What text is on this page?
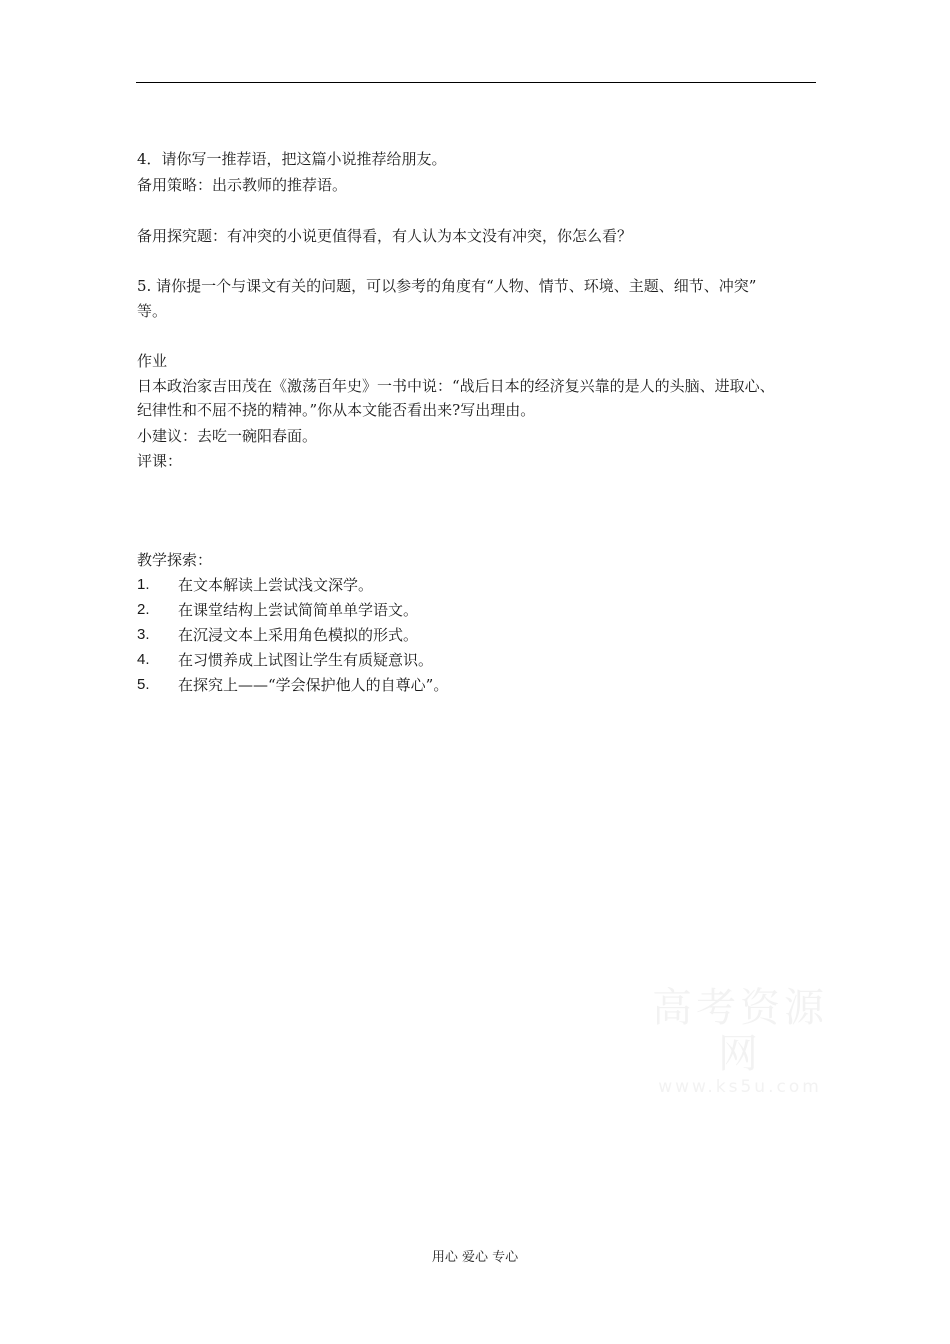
4．请你写一推荐语，把这篇小说推荐给朋友。

备用策略：出示教师的推荐语。

备用探究题：有冲突的小说更值得看，有人认为本文没有冲突，你怎么看？

5. 请你提一个与课文有关的问题，可以参考的角度有“人物、情节、环境、主题、细节、冲突”

等。

作业

日本政治家吉田茂在《激荡百年史》一书中说：“战后日本的经济复兴靠的是人的头脑、进取心、

纪律性和不屈不挠的精神。”你从本文能否看出来?写出理由。

小建议：去吃一碗阳春面。

评课：

教学探索：

1.	在文本解读上尝试浅文深学。
2.	在课堂结构上尝试简简单单学语文。
3.	在沉浸文本上采用角色模拟的形式。
4.	在习惯养成上试图让学生有质疑意识。
5.	在探究上——“学会保护他人的自尊心”。
高考资源网
www.ks5u.com
用心 爱心 专心
